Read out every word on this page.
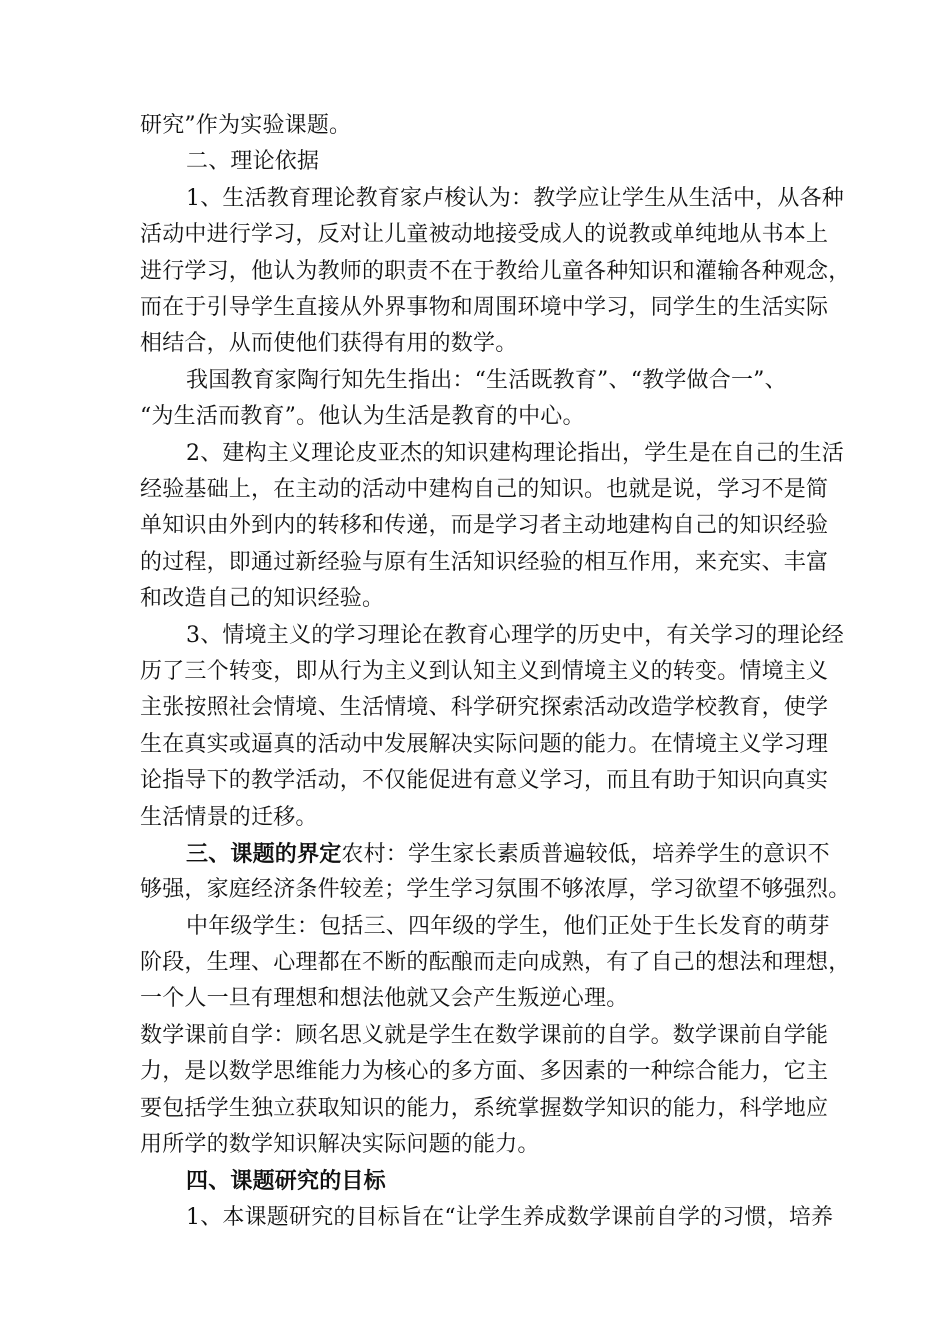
研究”作为实验课题。
二、理论依据
1、生活教育理论教育家卢梭认为：教学应让学生从生活中，从各种
活动中进行学习，反对让儿童被动地接受成人的说教或单纯地从书本上
进行学习，他认为教师的职责不在于教给儿童各种知识和灌输各种观念，
而在于引导学生直接从外界事物和周围环境中学习，同学生的生活实际
相结合，从而使他们获得有用的数学。
我国教育家陶行知先生指出：“生活既教育”、“教学做合一”、
“为生活而教育”。他认为生活是教育的中心。
2、建构主义理论皮亚杰的知识建构理论指出，学生是在自己的生活
经验基础上，在主动的活动中建构自己的知识。也就是说，学习不是简
单知识由外到内的转移和传递，而是学习者主动地建构自己的知识经验
的过程，即通过新经验与原有生活知识经验的相互作用，来充实、丰富
和改造自己的知识经验。
3、情境主义的学习理论在教育心理学的历史中，有关学习的理论经
历了三个转变，即从行为主义到认知主义到情境主义的转变。情境主义
主张按照社会情境、生活情境、科学研究探索活动改造学校教育，使学
生在真实或逼真的活动中发展解决实际问题的能力。在情境主义学习理
论指导下的教学活动，不仅能促进有意义学习，而且有助于知识向真实
生活情景的迁移。
三、课题的界定农村：学生家长素质普遍较低，培养学生的意识不
够强，家庭经济条件较差；学生学习氛围不够浓厚，学习欲望不够强烈。
中年级学生：包括三、四年级的学生，他们正处于生长发育的萌芽
阶段，生理、心理都在不断的酝酿而走向成熟，有了自己的想法和理想，
一个人一旦有理想和想法他就又会产生叛逆心理。
数学课前自学：顾名思义就是学生在数学课前的自学。数学课前自学能
力，是以数学思维能力为核心的多方面、多因素的一种综合能力，它主
要包括学生独立获取知识的能力，系统掌握数学知识的能力，科学地应
用所学的数学知识解决实际问题的能力。
四、课题研究的目标
1、本课题研究的目标旨在“让学生养成数学课前自学的习惯，培养
